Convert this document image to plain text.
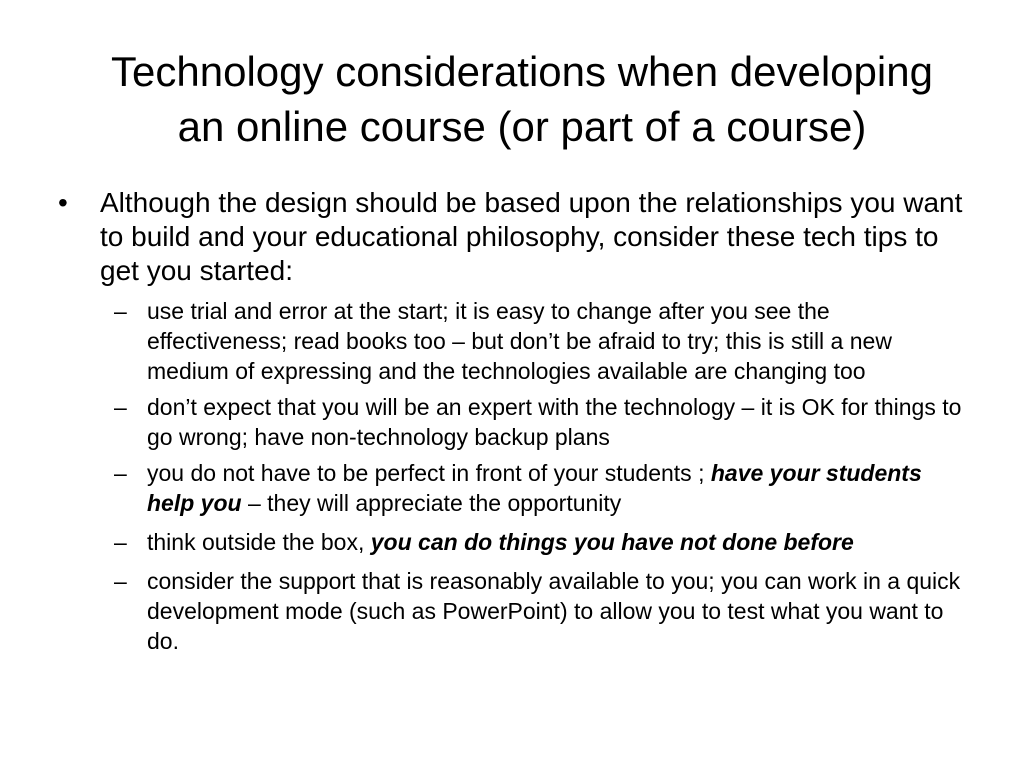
Technology considerations when developing
an online course (or part of a course)
• Although the design should be based upon the relationships you want to build and your educational philosophy, consider these tech tips to get you started:
– use trial and error at the start; it is easy to change after you see the effectiveness; read books too – but don’t be afraid to try; this is still a new medium of expressing and the technologies available are changing too
– don’t expect that you will be an expert with the technology – it is OK for things to go wrong; have non-technology backup plans
– you do not have to be perfect in front of your students ; have your students help you – they will appreciate the opportunity
– think outside the box, you can do things you have not done before
– consider the support that is reasonably available to you; you can work in a quick development mode (such as PowerPoint) to allow you to test what you want to do.
